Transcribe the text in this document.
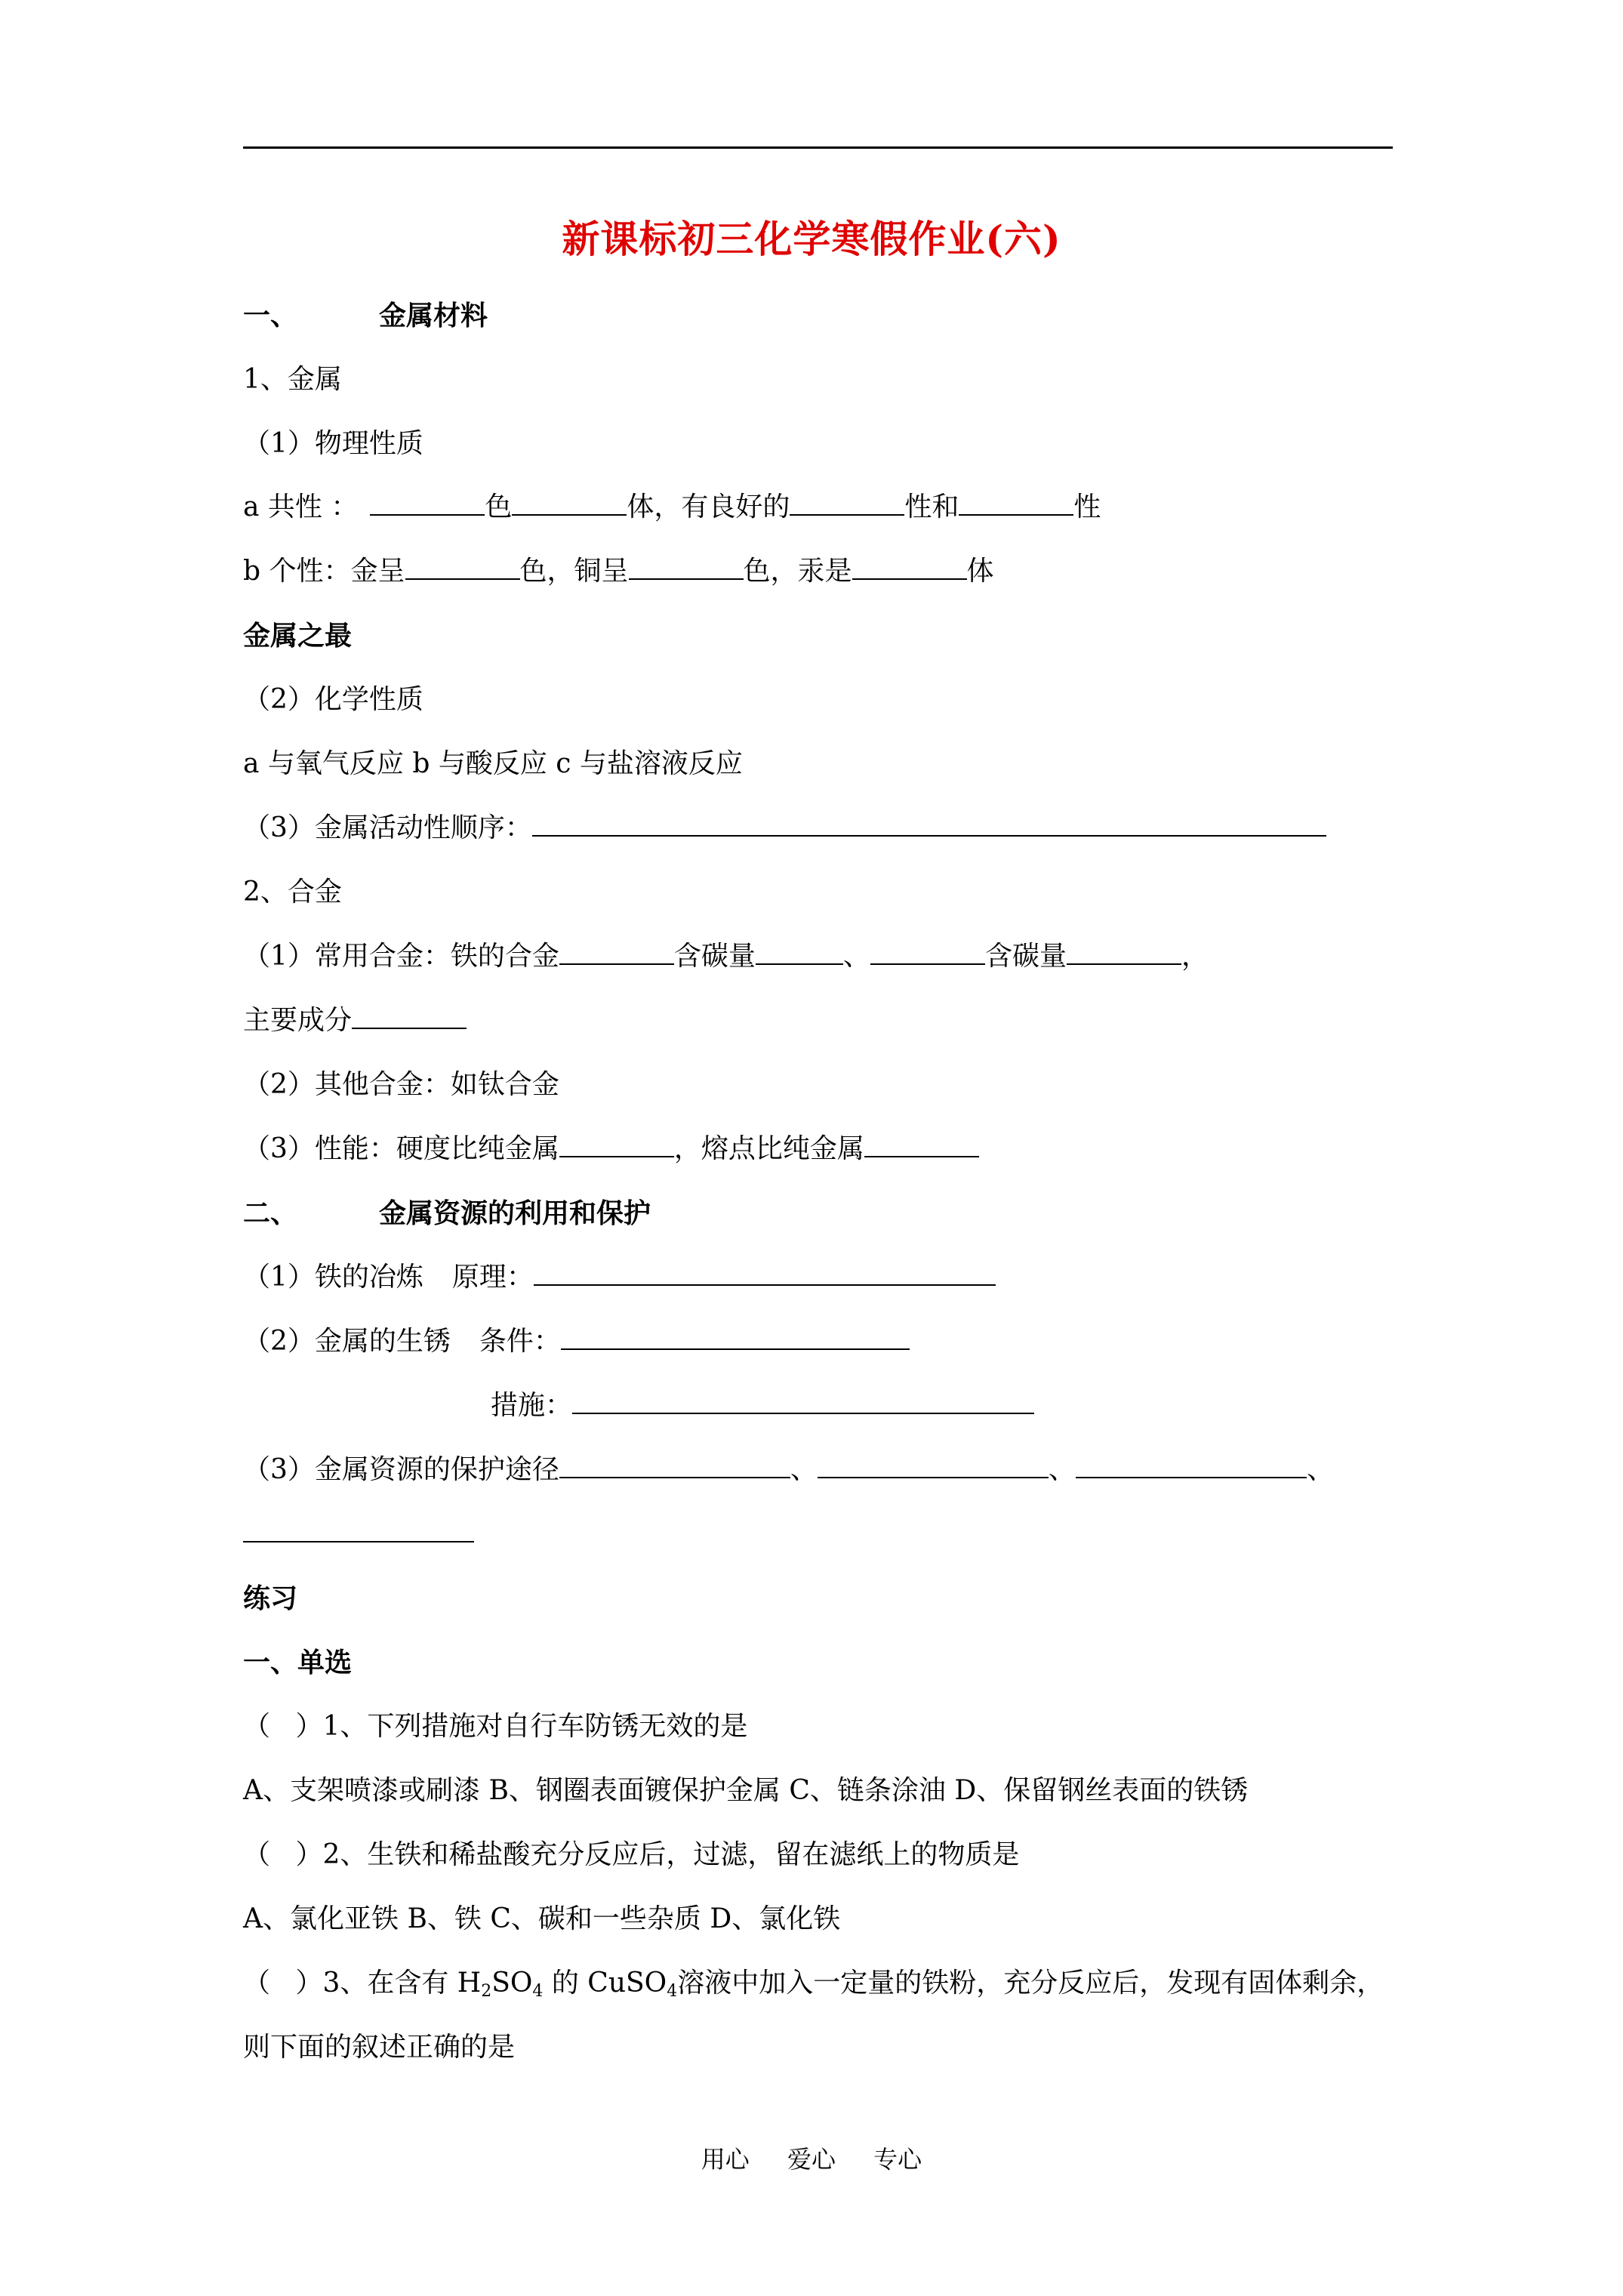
新课标初三化学寒假作业(六)
一、	金属材料
1、金属
（1）物理性质
a 共性 ：	色	体，有良好的	性和	性
b 个性：金呈	色，铜呈	色，汞是	体
金属之最
（2）化学性质
a 与氧气反应 b 与酸反应 c 与盐溶液反应
（3）金属活动性顺序：
2、合金
（1）常用合金：铁的合金	含碳量	、	含碳量	，
主要成分
（2）其他合金：如钛合金
（3）性能：硬度比纯金属	，熔点比纯金属
二、	金属资源的利用和保护
（1）铁的冶炼 原理：
（2）金属的生锈 条件：
措施：
（3）金属资源的保护途径	、	、	、
练习
一、单选
（ ）1、下列措施对自行车防锈无效的是
A、支架喷漆或刷漆 B、钢圈表面镀保护金属 C、链条涂油 D、保留钢丝表面的铁锈
（ ）2、生铁和稀盐酸充分反应后，过滤，留在滤纸上的物质是
A、氯化亚铁 B、铁 C、碳和一些杂质 D、氯化铁
（ ）3、在含有 $H_2SO_4$ 的 CuSO$_4$溶液中加入一定量的铁粉，充分反应后，发现有固体剩余，
则下面的叙述正确的是
用心 爱心 专心
